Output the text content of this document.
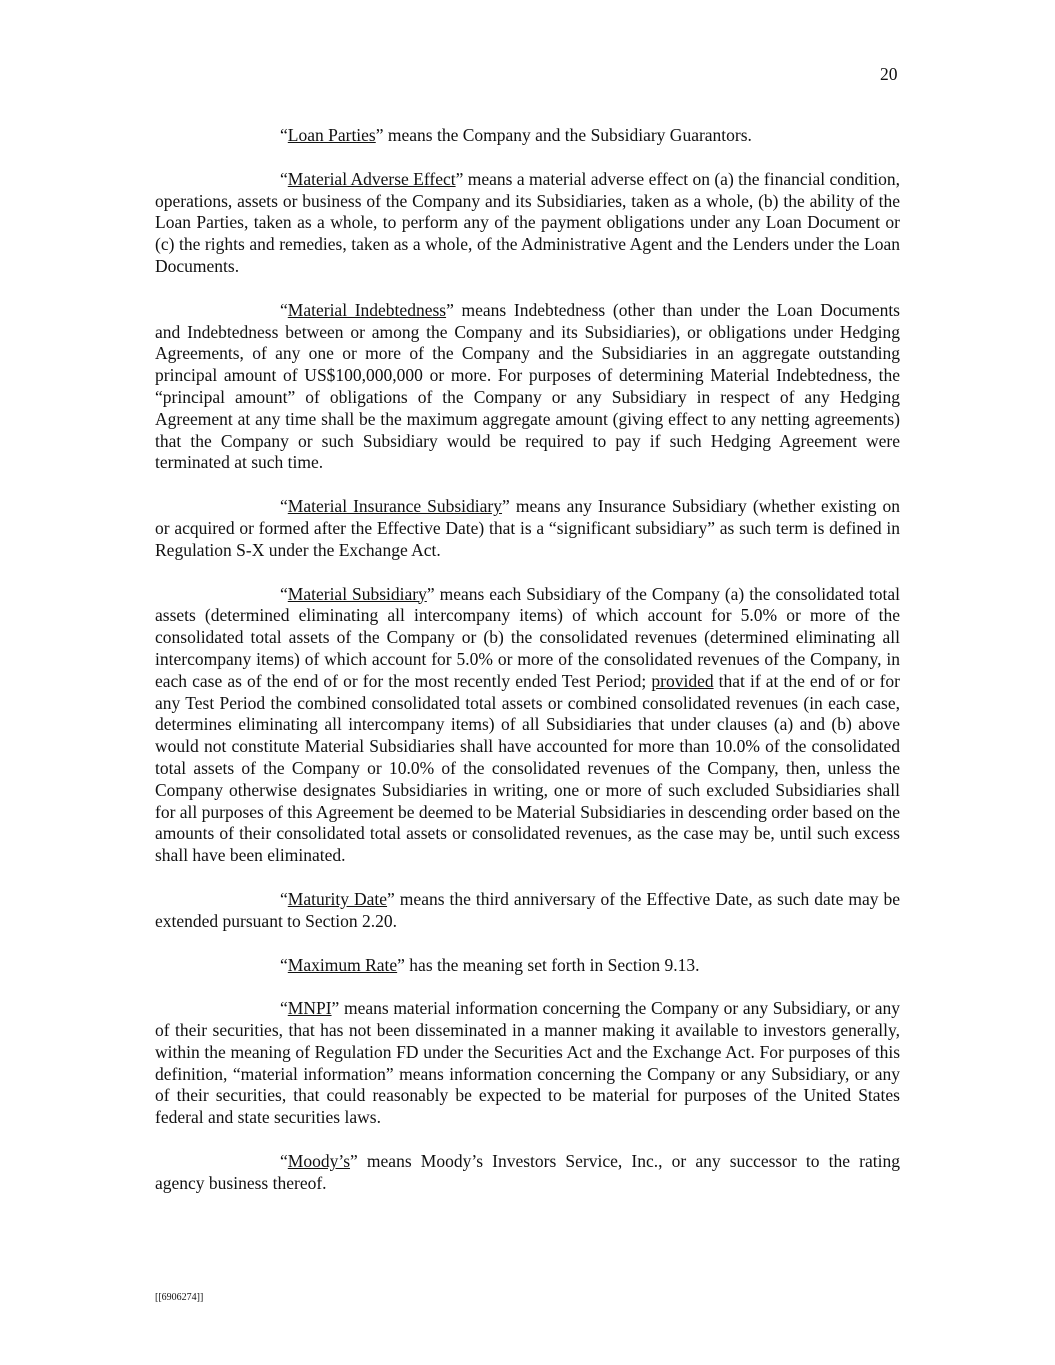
20

“Loan Parties” means the Company and the Subsidiary Guarantors.

“Material Adverse Effect” means a material adverse effect on (a) the financial condition, operations, assets or business of the Company and its Subsidiaries, taken as a whole, (b) the ability of the Loan Parties, taken as a whole, to perform any of the payment obligations under any Loan Document or (c) the rights and remedies, taken as a whole, of the Administrative Agent and the Lenders under the Loan Documents.

“Material Indebtedness” means Indebtedness (other than under the Loan Documents and Indebtedness between or among the Company and its Subsidiaries), or obligations under Hedging Agreements, of any one or more of the Company and the Subsidiaries in an aggregate outstanding principal amount of US$100,000,000 or more. For purposes of determining Material Indebtedness, the “principal amount” of obligations of the Company or any Subsidiary in respect of any Hedging Agreement at any time shall be the maximum aggregate amount (giving effect to any netting agreements) that the Company or such Subsidiary would be required to pay if such Hedging Agreement were terminated at such time.

“Material Insurance Subsidiary” means any Insurance Subsidiary (whether existing on or acquired or formed after the Effective Date) that is a “significant subsidiary” as such term is defined in Regulation S-X under the Exchange Act.

“Material Subsidiary” means each Subsidiary of the Company (a) the consolidated total assets (determined eliminating all intercompany items) of which account for 5.0% or more of the consolidated total assets of the Company or (b) the consolidated revenues (determined eliminating all intercompany items) of which account for 5.0% or more of the consolidated revenues of the Company, in each case as of the end of or for the most recently ended Test Period; provided that if at the end of or for any Test Period the combined consolidated total assets or combined consolidated revenues (in each case, determines eliminating all intercompany items) of all Subsidiaries that under clauses (a) and (b) above would not constitute Material Subsidiaries shall have accounted for more than 10.0% of the consolidated total assets of the Company or 10.0% of the consolidated revenues of the Company, then, unless the Company otherwise designates Subsidiaries in writing, one or more of such excluded Subsidiaries shall for all purposes of this Agreement be deemed to be Material Subsidiaries in descending order based on the amounts of their consolidated total assets or consolidated revenues, as the case may be, until such excess shall have been eliminated.

“Maturity Date” means the third anniversary of the Effective Date, as such date may be extended pursuant to Section 2.20.

“Maximum Rate” has the meaning set forth in Section 9.13.

“MNPI” means material information concerning the Company or any Subsidiary, or any of their securities, that has not been disseminated in a manner making it available to investors generally, within the meaning of Regulation FD under the Securities Act and the Exchange Act. For purposes of this definition, “material information” means information concerning the Company or any Subsidiary, or any of their securities, that could reasonably be expected to be material for purposes of the United States federal and state securities laws.

“Moody’s” means Moody’s Investors Service, Inc., or any successor to the rating agency business thereof.

[[6906274]]
